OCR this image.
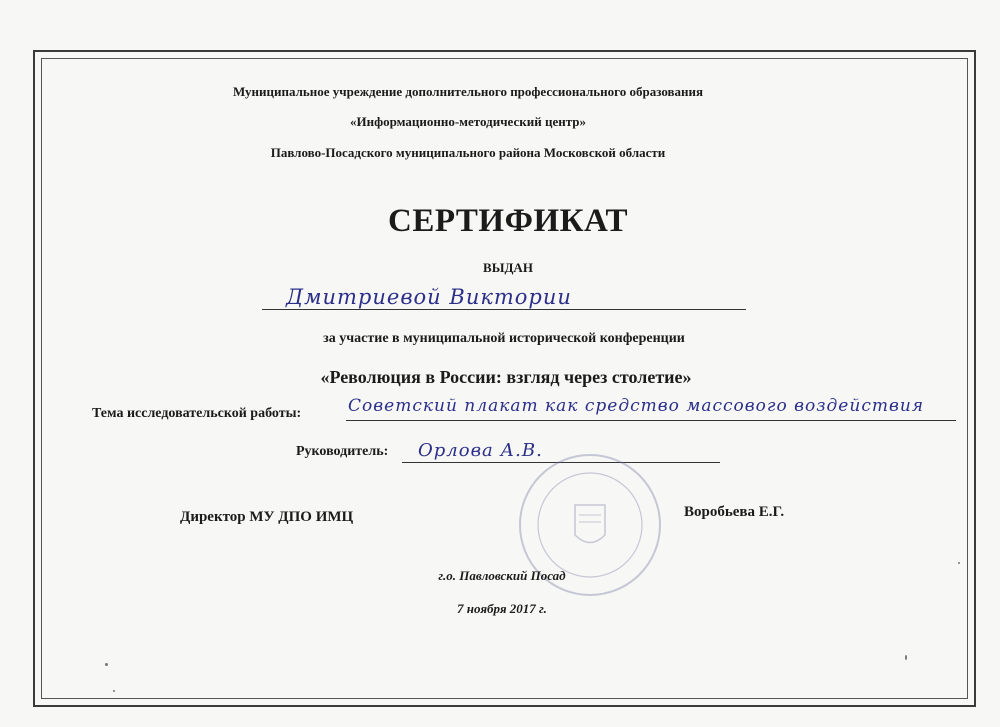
Муниципальное учреждение дополнительного профессионального образования
«Информационно-методический центр»
Павлово-Посадского муниципального района Московской области
СЕРТИФИКАТ
ВЫДАН
Дмитриевой Виктории
за участие в муниципальной исторической конференции
«Революция в России: взгляд через столетие»
Тема исследовательской работы:	Советский плакат как средство массового воздействия
Руководитель: Орлова А.В.
Директор МУ ДПО ИМЦ	Воробьева Е.Г.
г.о. Павловский Посад
7 ноября 2017 г.
